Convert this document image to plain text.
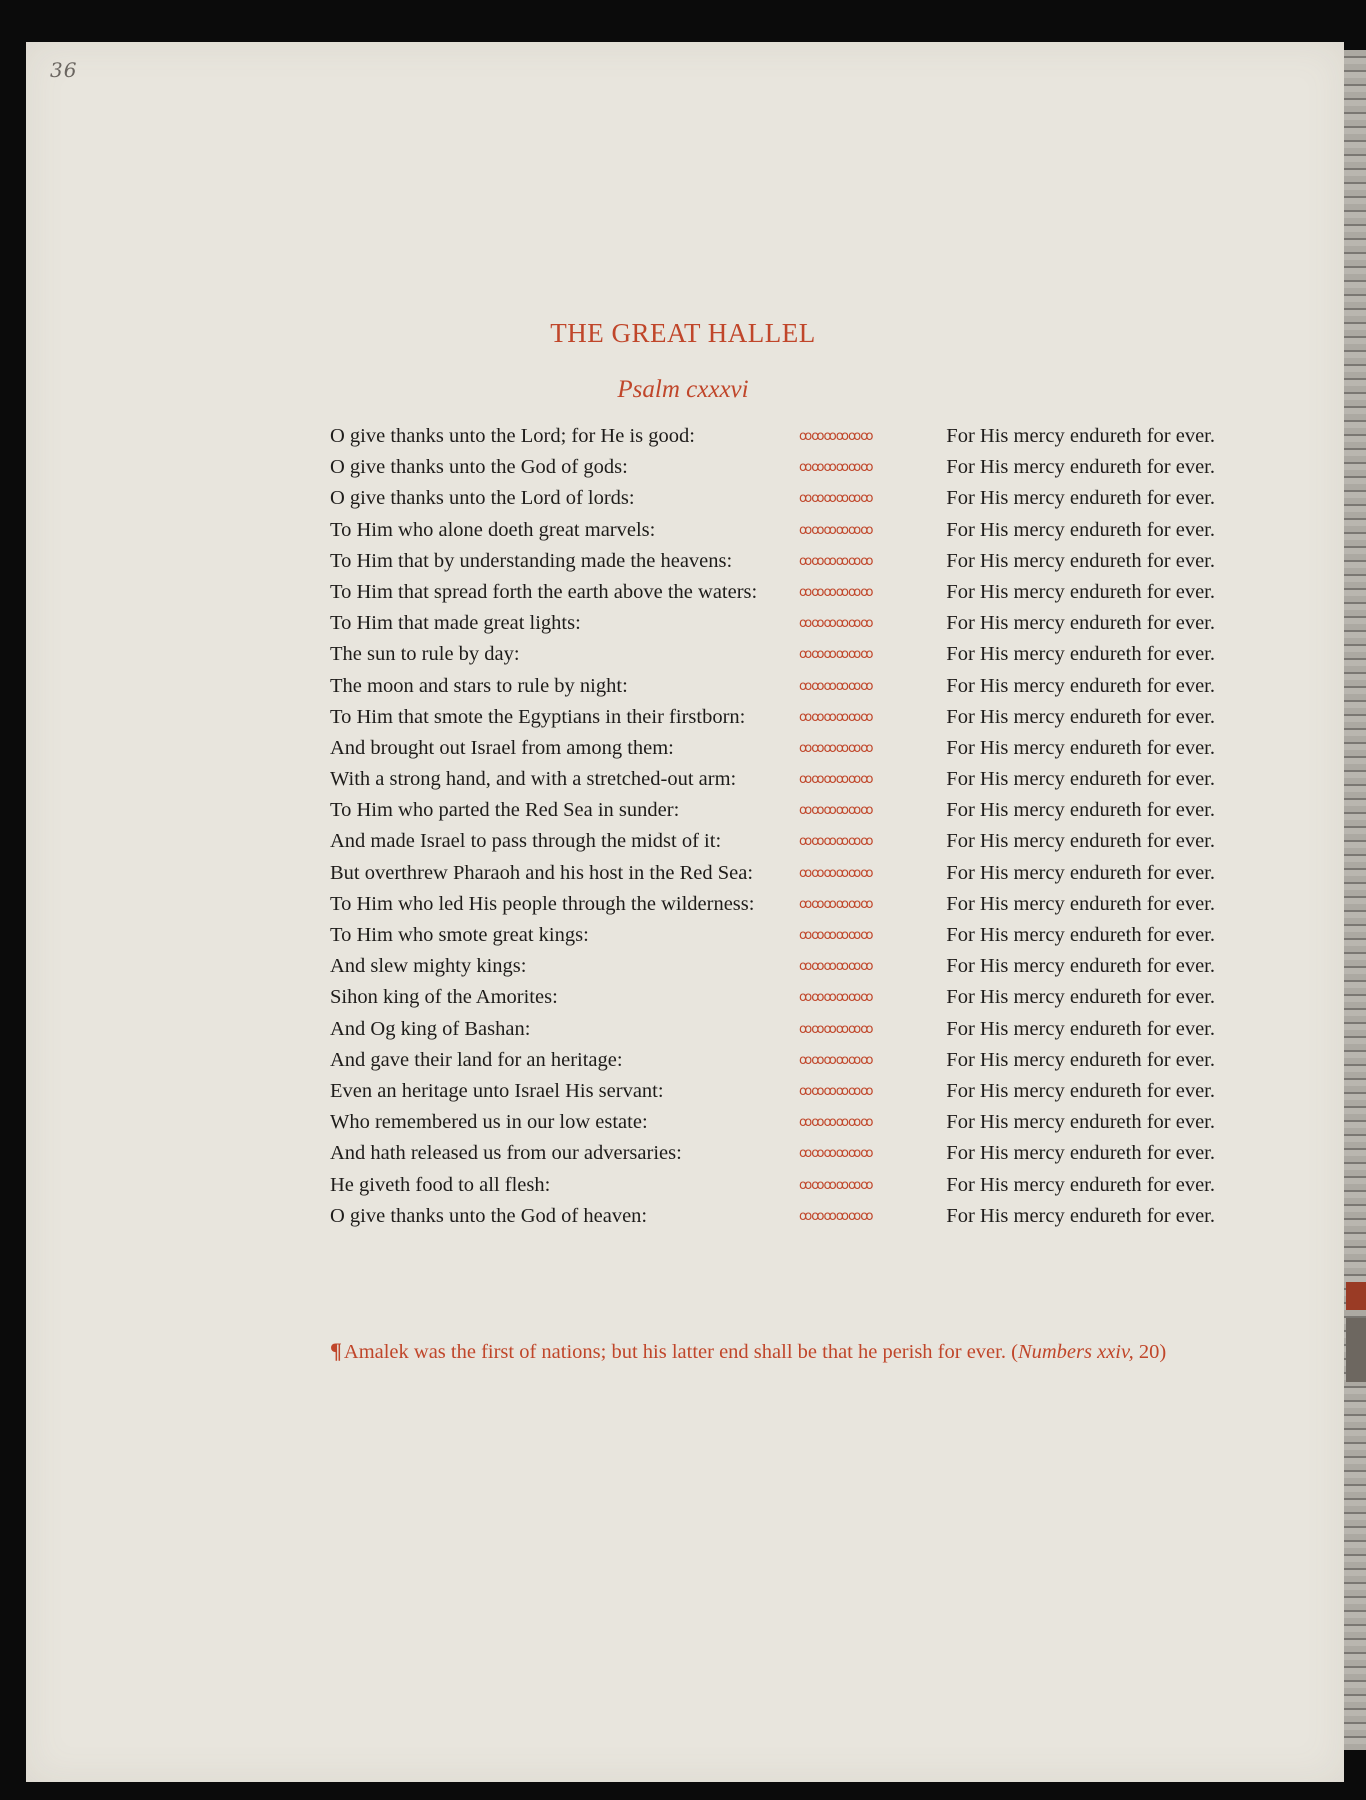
36
THE GREAT HALLEL
Psalm cxxxvi
O give thanks unto the Lord; for He is good:	ꝏꝏꝏꝏꝏꝏ	For His mercy endureth for ever.
O give thanks unto the God of gods:	ꝏꝏꝏꝏꝏꝏ	For His mercy endureth for ever.
O give thanks unto the Lord of lords:	ꝏꝏꝏꝏꝏꝏ	For His mercy endureth for ever.
To Him who alone doeth great marvels:	ꝏꝏꝏꝏꝏꝏ	For His mercy endureth for ever.
To Him that by understanding made the heavens:	ꝏꝏꝏꝏꝏꝏ	For His mercy endureth for ever.
To Him that spread forth the earth above the waters:	ꝏꝏꝏꝏꝏꝏ	For His mercy endureth for ever.
To Him that made great lights:	ꝏꝏꝏꝏꝏꝏ	For His mercy endureth for ever.
The sun to rule by day:	ꝏꝏꝏꝏꝏꝏ	For His mercy endureth for ever.
The moon and stars to rule by night:	ꝏꝏꝏꝏꝏꝏ	For His mercy endureth for ever.
To Him that smote the Egyptians in their firstborn:	ꝏꝏꝏꝏꝏꝏ	For His mercy endureth for ever.
And brought out Israel from among them:	ꝏꝏꝏꝏꝏꝏ	For His mercy endureth for ever.
With a strong hand, and with a stretched-out arm:	ꝏꝏꝏꝏꝏꝏ	For His mercy endureth for ever.
To Him who parted the Red Sea in sunder:	ꝏꝏꝏꝏꝏꝏ	For His mercy endureth for ever.
And made Israel to pass through the midst of it:	ꝏꝏꝏꝏꝏꝏ	For His mercy endureth for ever.
But overthrew Pharaoh and his host in the Red Sea:	ꝏꝏꝏꝏꝏꝏ	For His mercy endureth for ever.
To Him who led His people through the wilderness:	ꝏꝏꝏꝏꝏꝏ	For His mercy endureth for ever.
To Him who smote great kings:	ꝏꝏꝏꝏꝏꝏ	For His mercy endureth for ever.
And slew mighty kings:	ꝏꝏꝏꝏꝏꝏ	For His mercy endureth for ever.
Sihon king of the Amorites:	ꝏꝏꝏꝏꝏꝏ	For His mercy endureth for ever.
And Og king of Bashan:	ꝏꝏꝏꝏꝏꝏ	For His mercy endureth for ever.
And gave their land for an heritage:	ꝏꝏꝏꝏꝏꝏ	For His mercy endureth for ever.
Even an heritage unto Israel His servant:	ꝏꝏꝏꝏꝏꝏ	For His mercy endureth for ever.
Who remembered us in our low estate:	ꝏꝏꝏꝏꝏꝏ	For His mercy endureth for ever.
And hath released us from our adversaries:	ꝏꝏꝏꝏꝏꝏ	For His mercy endureth for ever.
He giveth food to all flesh:	ꝏꝏꝏꝏꝏꝏ	For His mercy endureth for ever.
O give thanks unto the God of heaven:	ꝏꝏꝏꝏꝏꝏ	For His mercy endureth for ever.
¶Amalek was the first of nations; but his latter end shall be that he perish for ever. (Numbers xxiv, 20)
